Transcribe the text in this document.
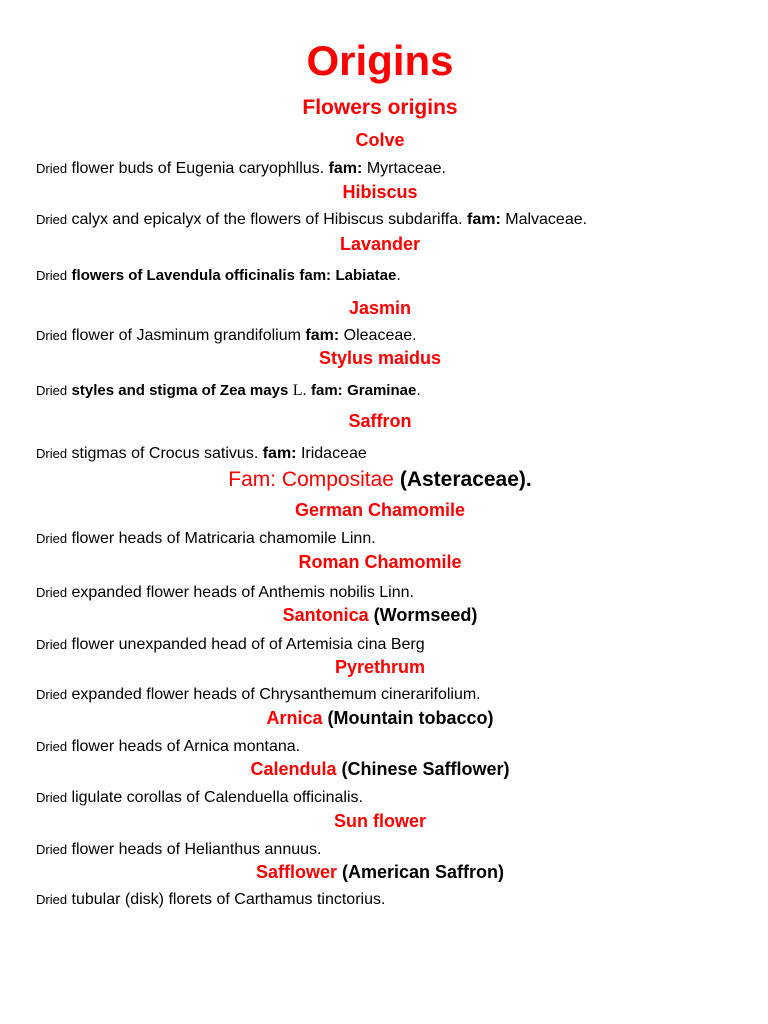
Origins
Flowers origins
Colve
Dried flower buds of Eugenia caryophllus. fam: Myrtaceae.
Hibiscus
Dried calyx and epicalyx of the flowers of Hibiscus subdariffa. fam: Malvaceae.
Lavander
Dried flowers of Lavendula officinalis fam: Labiatae.
Jasmin
Dried flower of Jasminum grandifolium fam: Oleaceae.
Stylus maidus
Dried styles and stigma of Zea mays L. fam: Graminae.
Saffron
Dried stigmas of Crocus sativus. fam: Iridaceae
Fam: Compositae (Asteraceae).
German Chamomile
Dried flower heads of Matricaria chamomile Linn.
Roman Chamomile
Dried expanded flower heads of Anthemis nobilis Linn.
Santonica (Wormseed)
Dried flower unexpanded head of of Artemisia cina Berg
Pyrethrum
Dried expanded flower heads of Chrysanthemum cinerarifolium.
Arnica (Mountain tobacco)
Dried flower heads of Arnica montana.
Calendula (Chinese Safflower)
Dried ligulate corollas of Calenduella officinalis.
Sun flower
Dried flower heads of Helianthus annuus.
Safflower (American Saffron)
Dried tubular (disk) florets of Carthamus tinctorius.
